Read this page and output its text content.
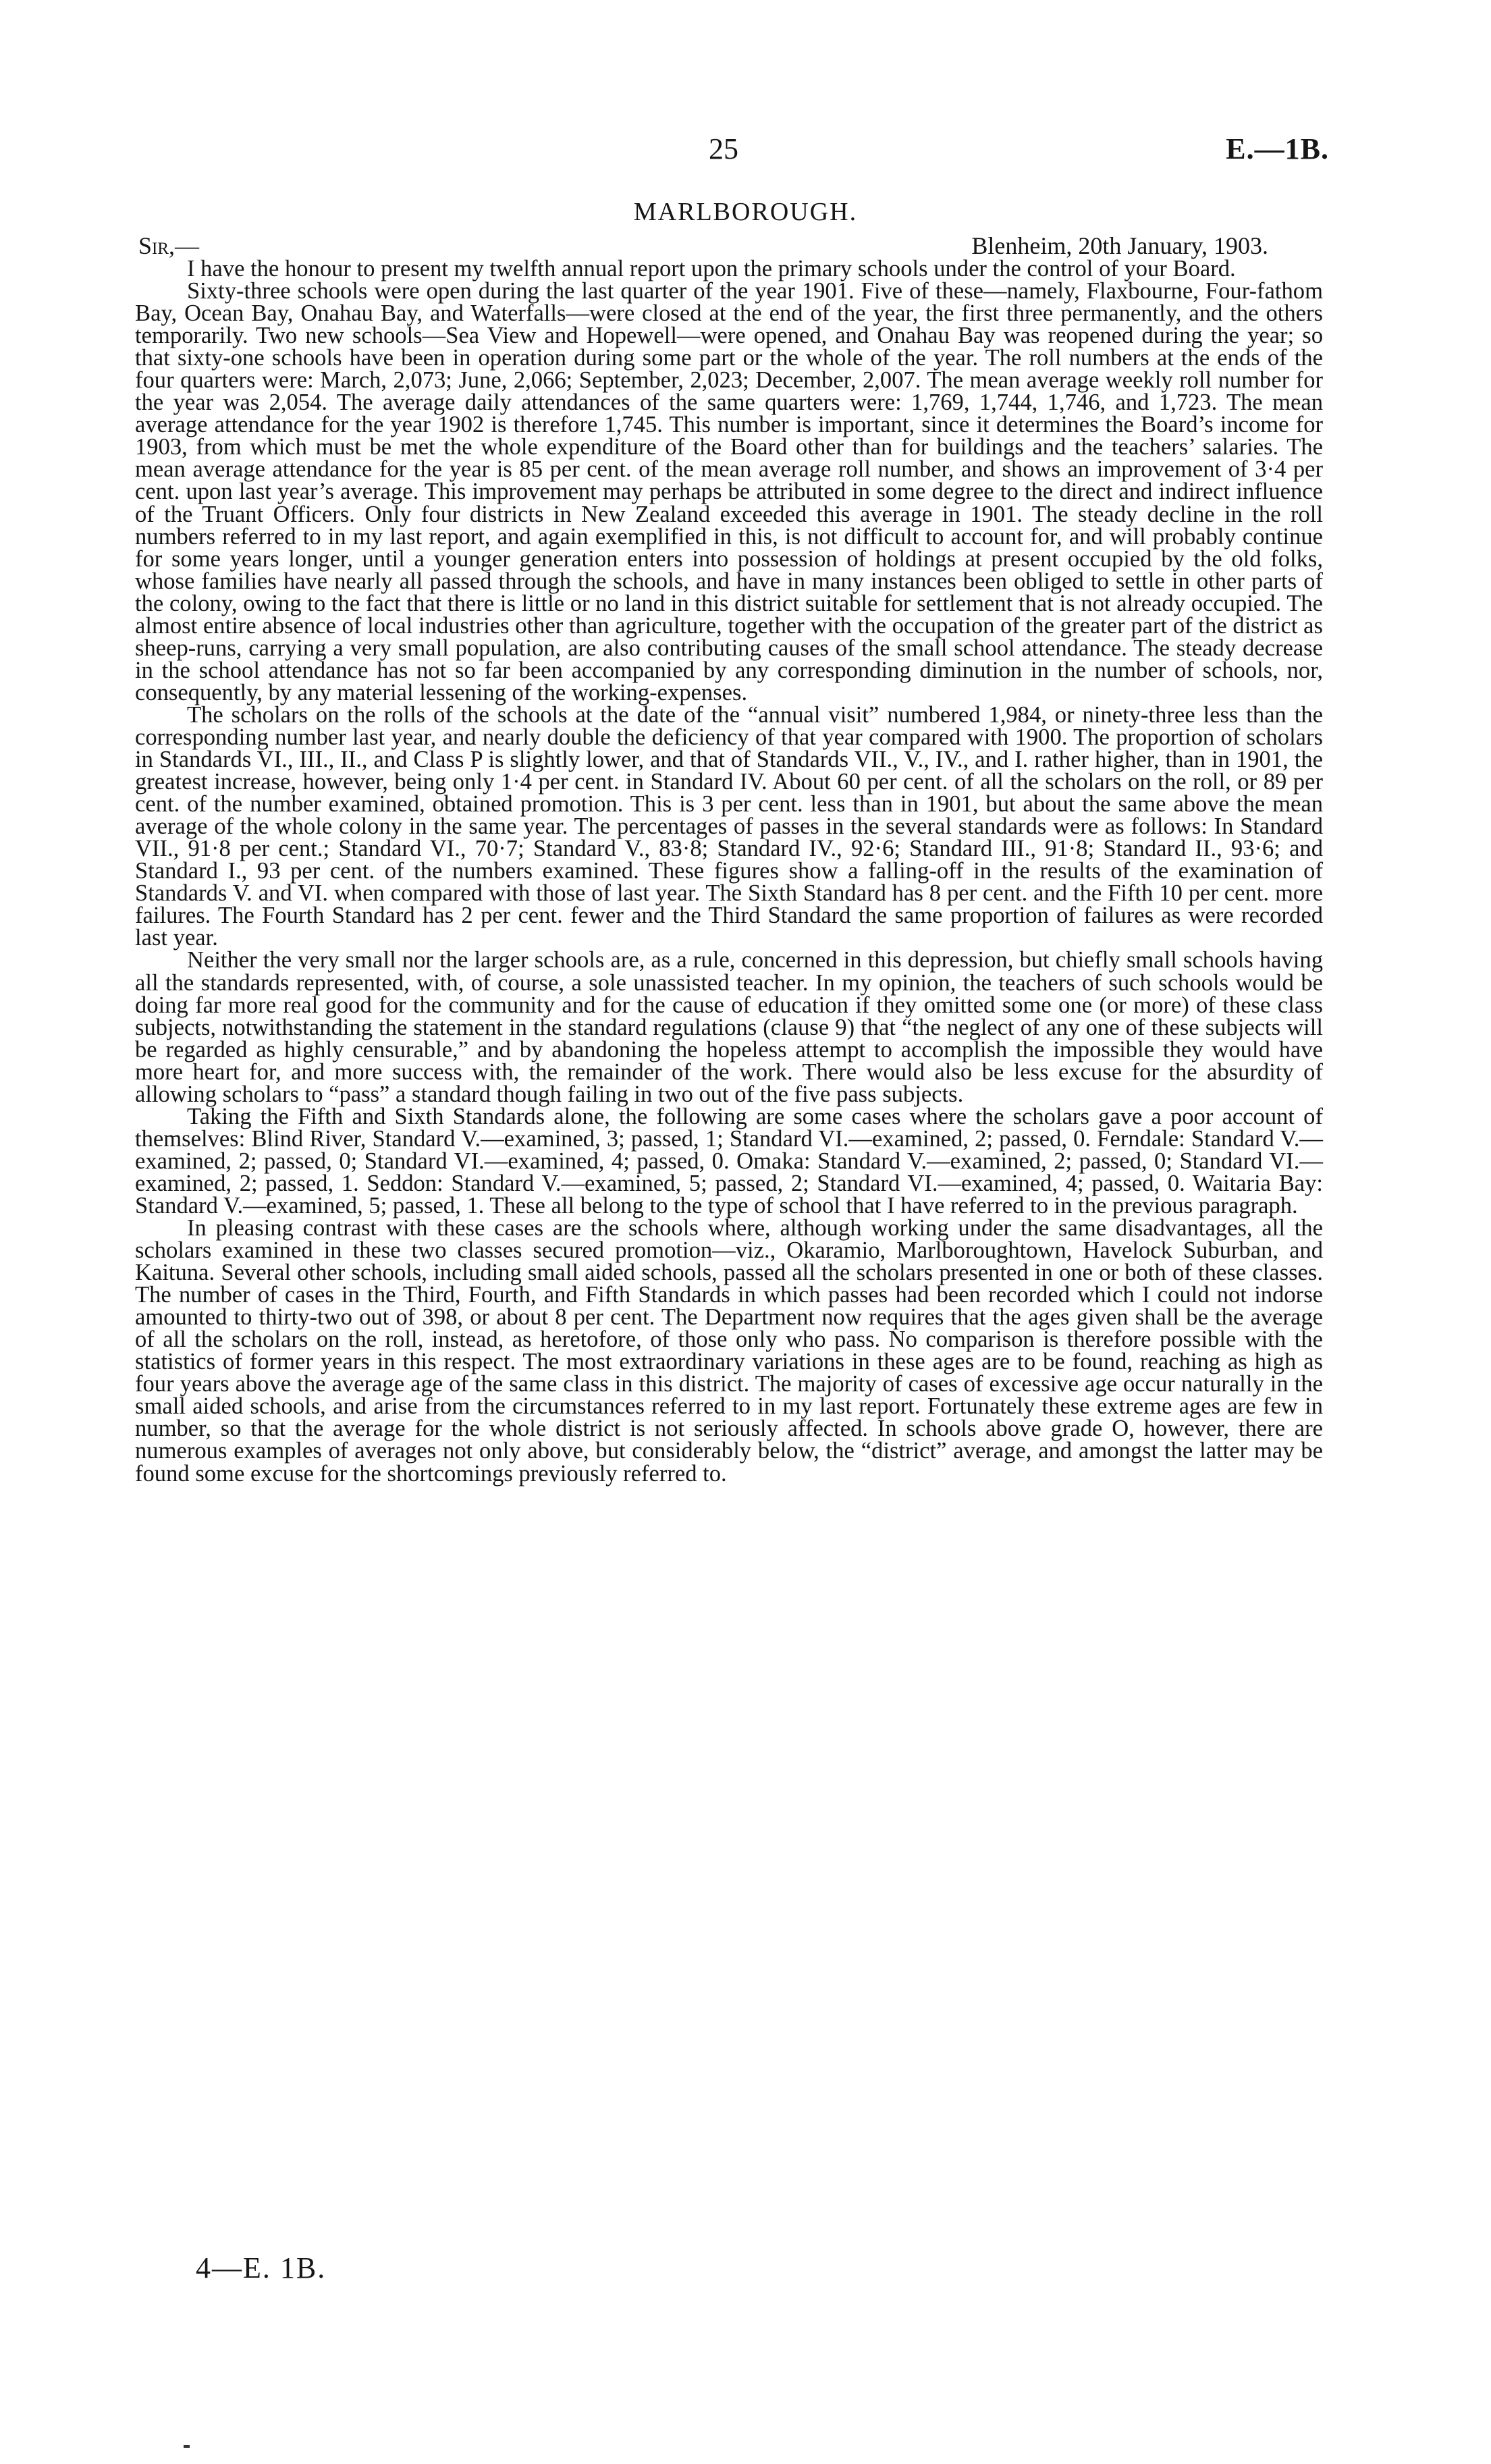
25	E.—1B.
MARLBOROUGH.
Sir,—	Blenheim, 20th January, 1903.

I have the honour to present my twelfth annual report upon the primary schools under the control of your Board.

Sixty-three schools were open during the last quarter of the year 1901. Five of these—namely, Flaxbourne, Four-fathom Bay, Ocean Bay, Onahau Bay, and Waterfalls—were closed at the end of the year, the first three permanently, and the others temporarily. Two new schools—Sea View and Hopewell—were opened, and Onahau Bay was reopened during the year; so that sixty-one schools have been in operation during some part or the whole of the year. The roll numbers at the ends of the four quarters were: March, 2,073; June, 2,066; September, 2,023; December, 2,007. The mean average weekly roll number for the year was 2,054. The average daily attendances of the same quarters were: 1,769, 1,744, 1,746, and 1,723. The mean average attendance for the year 1902 is therefore 1,745. This number is important, since it determines the Board’s income for 1903, from which must be met the whole expenditure of the Board other than for buildings and the teachers’ salaries. The mean average attendance for the year is 85 per cent. of the mean average roll number, and shows an improvement of 3·4 per cent. upon last year’s average. This improvement may perhaps be attributed in some degree to the direct and indirect influence of the Truant Officers. Only four districts in New Zealand exceeded this average in 1901. The steady decline in the roll numbers referred to in my last report, and again exemplified in this, is not difficult to account for, and will probably continue for some years longer, until a younger generation enters into possession of holdings at present occupied by the old folks, whose families have nearly all passed through the schools, and have in many instances been obliged to settle in other parts of the colony, owing to the fact that there is little or no land in this district suitable for settlement that is not already occupied. The almost entire absence of local industries other than agriculture, together with the occupation of the greater part of the district as sheep-runs, carrying a very small population, are also contributing causes of the small school attendance. The steady decrease in the school attendance has not so far been accompanied by any corresponding diminution in the number of schools, nor, consequently, by any material lessening of the working-expenses.

The scholars on the rolls of the schools at the date of the “annual visit” numbered 1,984, or ninety-three less than the corresponding number last year, and nearly double the deficiency of that year compared with 1900. The proportion of scholars in Standards VI., III., II., and Class P is slightly lower, and that of Standards VII., V., IV., and I. rather higher, than in 1901, the greatest increase, however, being only 1·4 per cent. in Standard IV. About 60 per cent. of all the scholars on the roll, or 89 per cent. of the number examined, obtained promotion. This is 3 per cent. less than in 1901, but about the same above the mean average of the whole colony in the same year. The percentages of passes in the several standards were as follows: In Standard VII., 91·8 per cent.; Standard VI., 70·7; Standard V., 83·8; Standard IV., 92·6; Standard III., 91·8; Standard II., 93·6; and Standard I., 93 per cent. of the numbers examined. These figures show a falling-off in the results of the examination of Standards V. and VI. when compared with those of last year. The Sixth Standard has 8 per cent. and the Fifth 10 per cent. more failures. The Fourth Standard has 2 per cent. fewer and the Third Standard the same proportion of failures as were recorded last year.

Neither the very small nor the larger schools are, as a rule, concerned in this depression, but chiefly small schools having all the standards represented, with, of course, a sole unassisted teacher. In my opinion, the teachers of such schools would be doing far more real good for the community and for the cause of education if they omitted some one (or more) of these class subjects, notwithstanding the statement in the standard regulations (clause 9) that “the neglect of any one of these subjects will be regarded as highly censurable,” and by abandoning the hopeless attempt to accomplish the impossible they would have more heart for, and more success with, the remainder of the work. There would also be less excuse for the absurdity of allowing scholars to “pass” a standard though failing in two out of the five pass subjects.

Taking the Fifth and Sixth Standards alone, the following are some cases where the scholars gave a poor account of themselves: Blind River, Standard V.—examined, 3; passed, 1; Standard VI.—examined, 2; passed, 0. Ferndale: Standard V.—examined, 2; passed, 0; Standard VI.—examined, 4; passed, 0. Omaka: Standard V.—examined, 2; passed, 0; Standard VI.—examined, 2; passed, 1. Seddon: Standard V.—examined, 5; passed, 2; Standard VI.—examined, 4; passed, 0. Waitaria Bay: Standard V.—examined, 5; passed, 1. These all belong to the type of school that I have referred to in the previous paragraph.

In pleasing contrast with these cases are the schools where, although working under the same disadvantages, all the scholars examined in these two classes secured promotion—viz., Okaramio, Marlboroughtown, Havelock Suburban, and Kaituna. Several other schools, including small aided schools, passed all the scholars presented in one or both of these classes. The number of cases in the Third, Fourth, and Fifth Standards in which passes had been recorded which I could not indorse amounted to thirty-two out of 398, or about 8 per cent. The Department now requires that the ages given shall be the average of all the scholars on the roll, instead, as heretofore, of those only who pass. No comparison is therefore possible with the statistics of former years in this respect. The most extraordinary variations in these ages are to be found, reaching as high as four years above the average age of the same class in this district. The majority of cases of excessive age occur naturally in the small aided schools, and arise from the circumstances referred to in my last report. Fortunately these extreme ages are few in number, so that the average for the whole district is not seriously affected. In schools above grade O, however, there are numerous examples of averages not only above, but considerably below, the “district” average, and amongst the latter may be found some excuse for the shortcomings previously referred to.

4—E. 1B.
